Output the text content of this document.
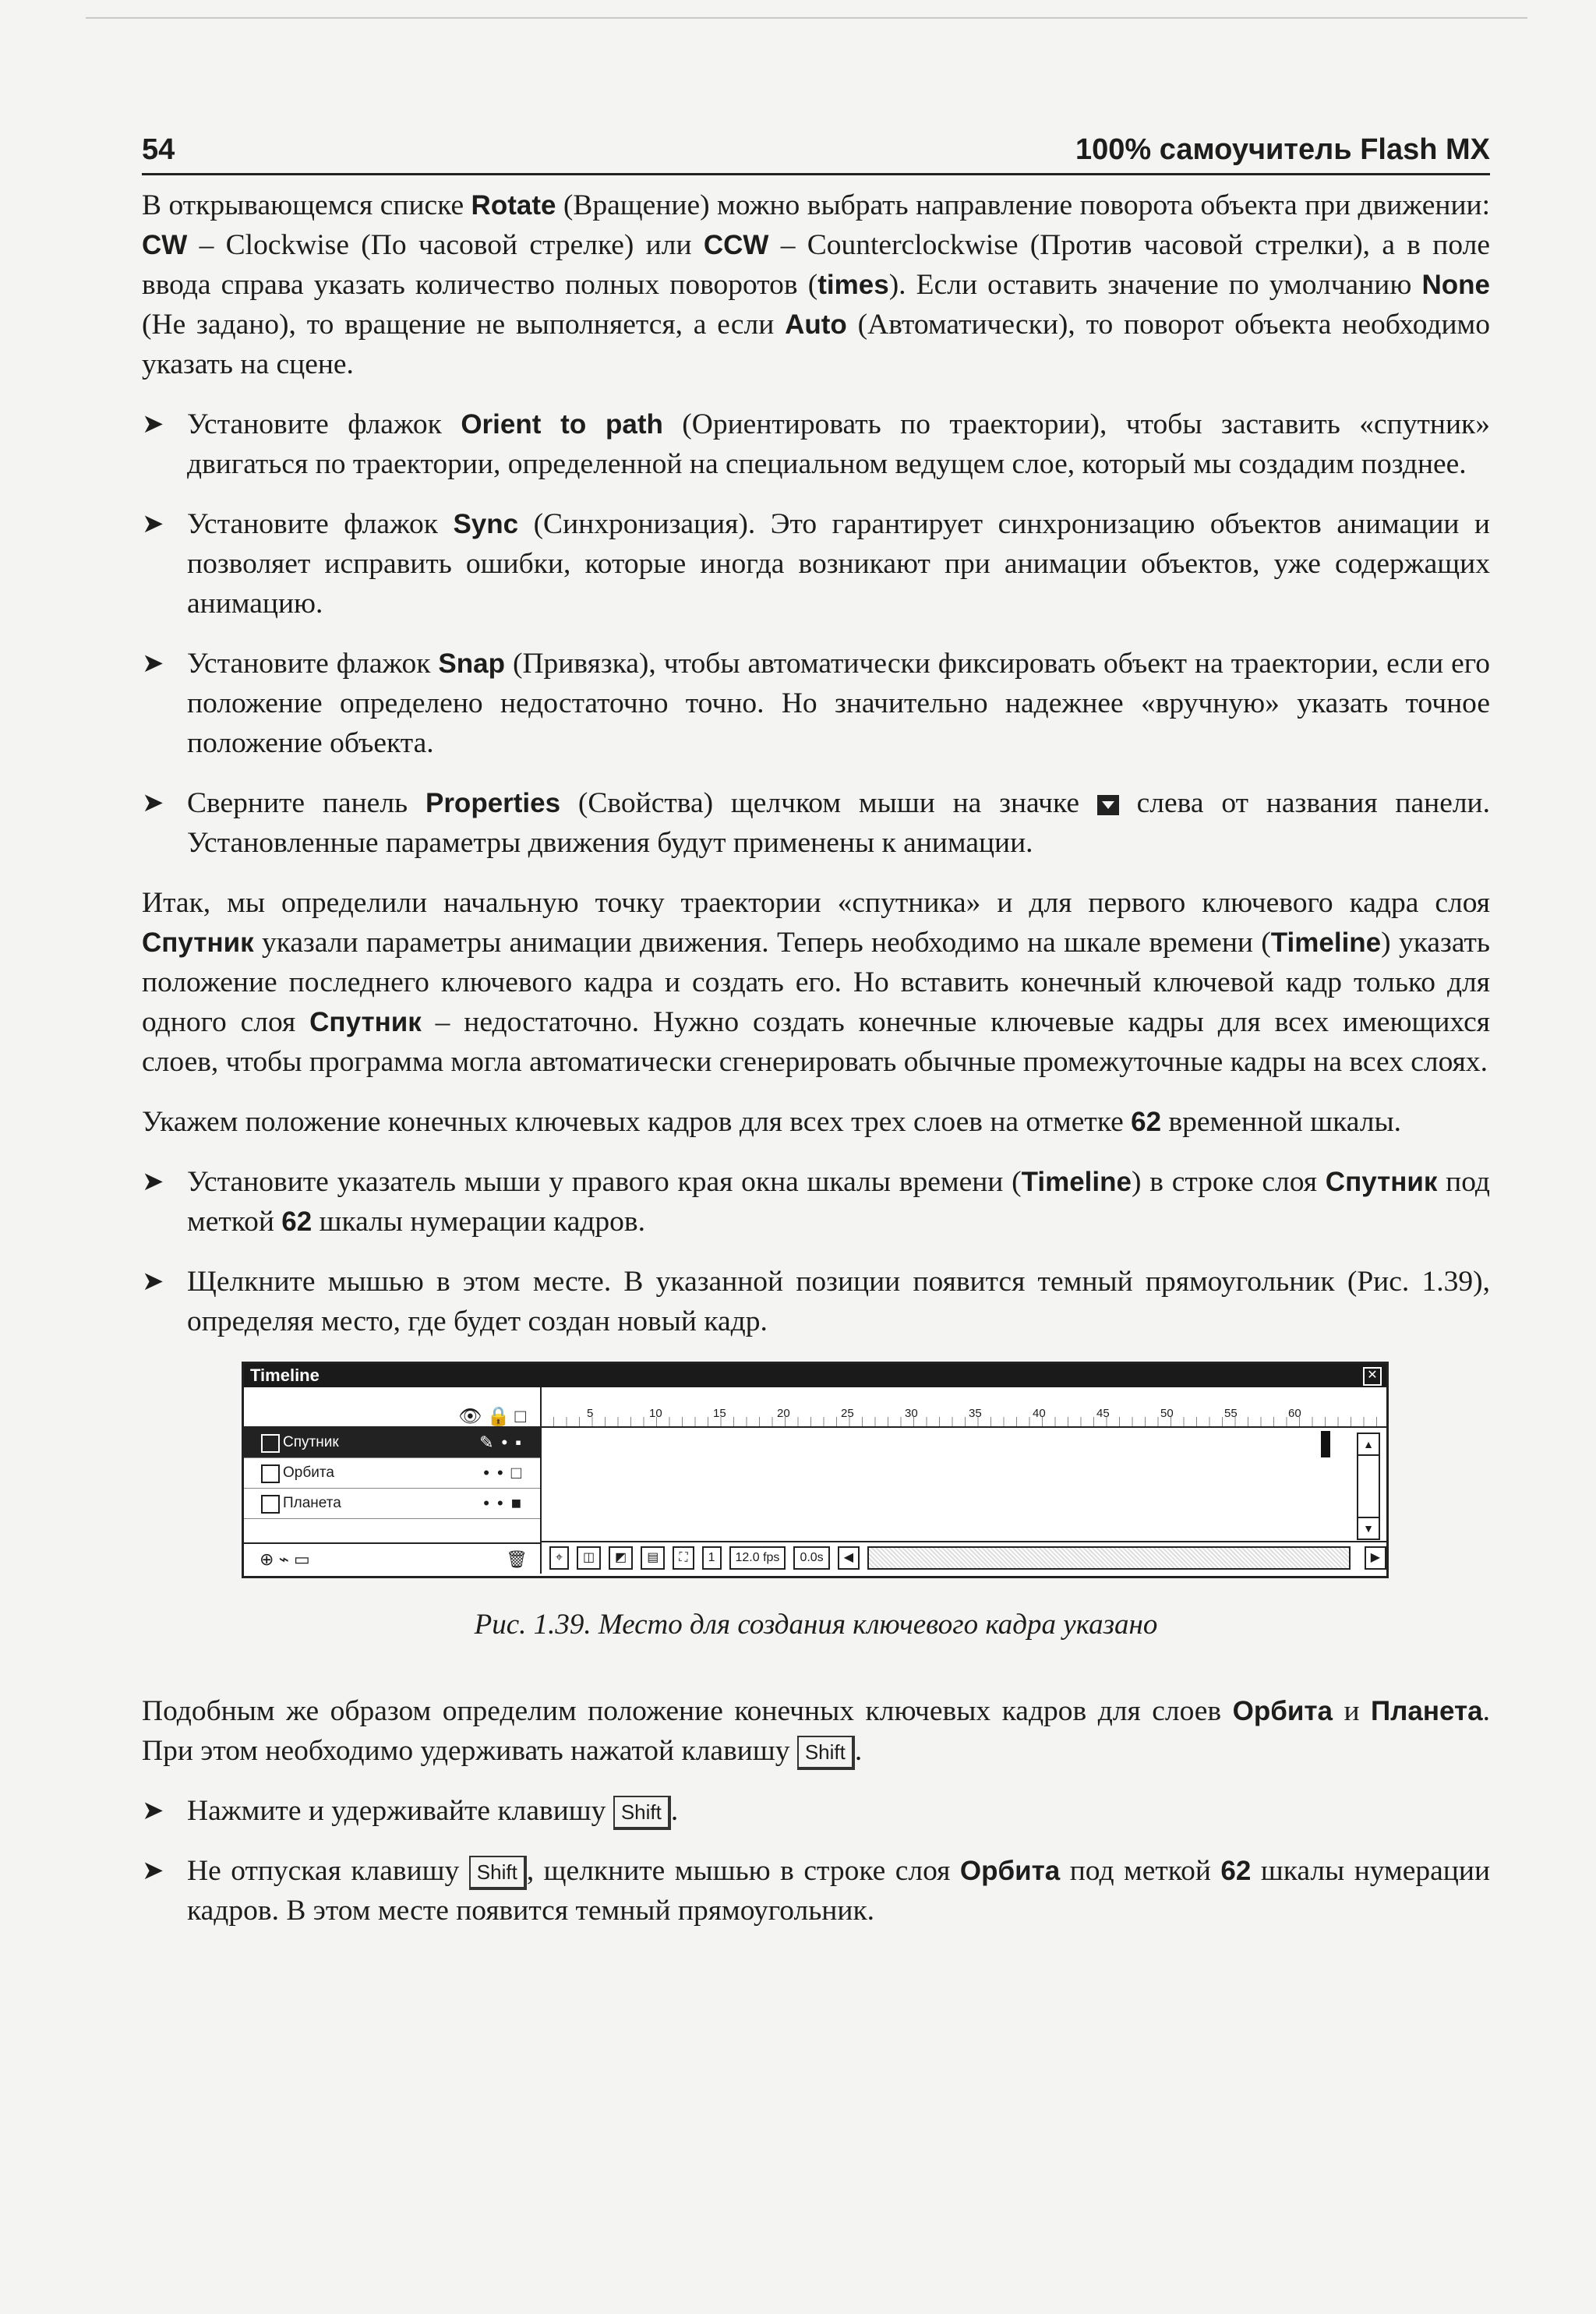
54	100% самоучитель Flash MX

В открывающемся списке Rotate (Вращение) можно выбрать направление поворота объекта при движении: CW – Clockwise (По часовой стрелке) или CCW – Counterclockwise (Против часовой стрелки), а в поле ввода справа указать количество полных поворотов (times). Если оставить значение по умолчанию None (Не задано), то вращение не выполняется, а если Auto (Автоматически), то поворот объекта необходимо указать на сцене.

➤ Установите флажок Orient to path (Ориентировать по траектории), чтобы заставить «спутник» двигаться по траектории, определенной на специальном ведущем слое, который мы создадим позднее.
➤ Установите флажок Sync (Синхронизация). Это гарантирует синхронизацию объектов анимации и позволяет исправить ошибки, которые иногда возникают при анимации объектов, уже содержащих анимацию.
➤ Установите флажок Snap (Привязка), чтобы автоматически фиксировать объект на траектории, если его положение определено недостаточно точно. Но значительно надежнее «вручную» указать точное положение объекта.
➤ Сверните панель Properties (Свойства) щелчком мыши на значке  слева от названия панели. Установленные параметры движения будут применены к анимации.

Итак, мы определили начальную точку траектории «спутника» и для первого ключевого кадра слоя Спутник указали параметры анимации движения. Теперь необходимо на шкале времени (Timeline) указать положение последнего ключевого кадра и создать его. Но вставить конечный ключевой кадр только для одного слоя Спутник – недостаточно. Нужно создать конечные ключевые кадры для всех имеющихся слоев, чтобы программа могла автоматически сгенерировать обычные промежуточные кадры на всех слоях.

Укажем положение конечных ключевых кадров для всех трех слоев на отметке 62 временной шкалы.

➤ Установите указатель мыши у правого края окна шкалы времени (Timeline) в строке слоя Спутник под меткой 62 шкалы нумерации кадров.
➤ Щелкните мышью в этом месте. В указанной позиции появится темный прямоугольник (Рис. 1.39), определяя место, где будет создан новый кадр.
Timeline	✕
👁🔒□
Спутник	✎•▪
Орбита	••□
Планета	••■
⊕ ⌁ ▭	🗑
5	10	15	20	25	30	35	40	45	50	55	60
▲
▼
⌖	◫	◩	▤	⛶	1	12.0 fps	0.0s	◀	▶
Рис. 1.39. Место для создания ключевого кадра указано

Подобным же образом определим положение конечных ключевых кадров для слоев Орбита и Планета. При этом необходимо удерживать нажатой клавишу Shift .

➤ Нажмите и удерживайте клавишу Shift .
➤ Не отпуская клавишу Shift , щелкните мышью в строке слоя Орбита под меткой 62 шкалы нумерации кадров. В этом месте появится темный прямоугольник.
